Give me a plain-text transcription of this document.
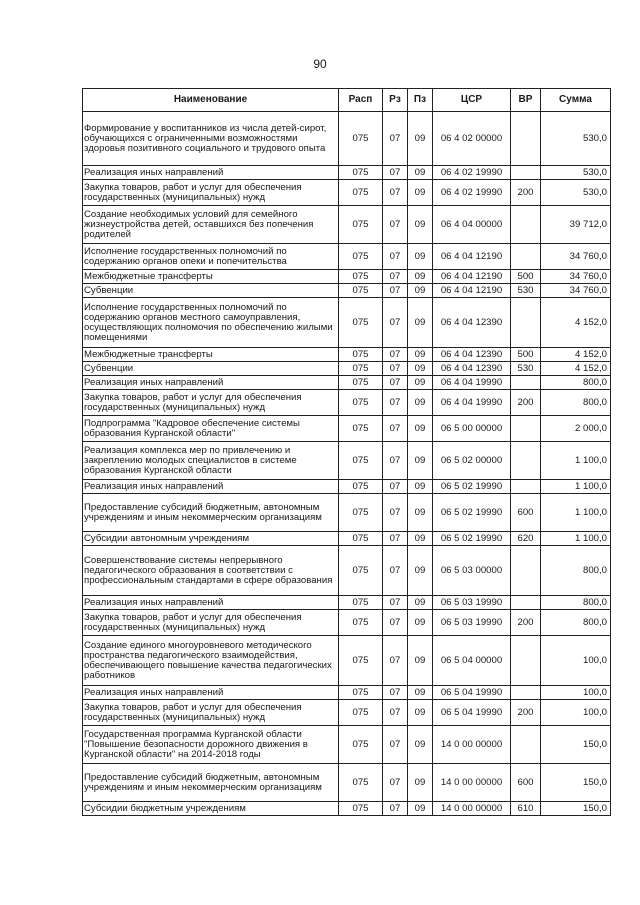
90
Наименование	Расп	Рз	Пз	ЦСР	ВР	Сумма
Формирование у воспитанников из числа детей-сирот, обучающихся с ограниченными возможностями здоровья позитивного социального и трудового опыта	075	07	09	06 4 02 00000		530,0
Реализация иных направлений	075	07	09	06 4 02 19990		530,0
Закупка товаров, работ и услуг для обеспечения государственных (муниципальных) нужд	075	07	09	06 4 02 19990	200	530,0
Создание необходимых условий для семейного жизнеустройства детей, оставшихся без попечения родителей	075	07	09	06 4 04 00000		39 712,0
Исполнение государственных полномочий по содержанию органов опеки и попечительства	075	07	09	06 4 04 12190		34 760,0
Межбюджетные трансферты	075	07	09	06 4 04 12190	500	34 760,0
Субвенции	075	07	09	06 4 04 12190	530	34 760,0
Исполнение государственных полномочий по содержанию органов местного самоуправления, осуществляющих полномочия по обеспечению жилыми помещениями	075	07	09	06 4 04 12390		4 152,0
Межбюджетные трансферты	075	07	09	06 4 04 12390	500	4 152,0
Субвенции	075	07	09	06 4 04 12390	530	4 152,0
Реализация иных направлений	075	07	09	06 4 04 19990		800,0
Закупка товаров, работ и услуг для обеспечения государственных (муниципальных) нужд	075	07	09	06 4 04 19990	200	800,0
Подпрограмма "Кадровое обеспечение системы образования Курганской области"	075	07	09	06 5 00 00000		2 000,0
Реализация комплекса мер по привлечению и закреплению молодых специалистов в системе образования Курганской области	075	07	09	06 5 02 00000		1 100,0
Реализация иных направлений	075	07	09	06 5 02 19990		1 100,0
Предоставление субсидий бюджетным, автономным учреждениям и иным некоммерческим организациям	075	07	09	06 5 02 19990	600	1 100,0
Субсидии автономным учреждениям	075	07	09	06 5 02 19990	620	1 100,0
Совершенствование системы непрерывного педагогического образования в соответствии с профессиональным стандартами в сфере образования	075	07	09	06 5 03 00000		800,0
Реализация иных направлений	075	07	09	06 5 03 19990		800,0
Закупка товаров, работ и услуг для обеспечения государственных (муниципальных) нужд	075	07	09	06 5 03 19990	200	800,0
Создание единого многоуровневого методического пространства педагогического взаимодействия, обеспечивающего повышение качества педагогических работников	075	07	09	06 5 04 00000		100,0
Реализация иных направлений	075	07	09	06 5 04 19990		100,0
Закупка товаров, работ и услуг для обеспечения государственных (муниципальных) нужд	075	07	09	06 5 04 19990	200	100,0
Государственная программа Курганской области "Повышение безопасности дорожного движения в Курганской области" на 2014-2018 годы	075	07	09	14 0 00 00000		150,0
Предоставление субсидий бюджетным, автономным учреждениям и иным некоммерческим организациям	075	07	09	14 0 00 00000	600	150,0
Субсидии бюджетным учреждениям	075	07	09	14 0 00 00000	610	150,0
